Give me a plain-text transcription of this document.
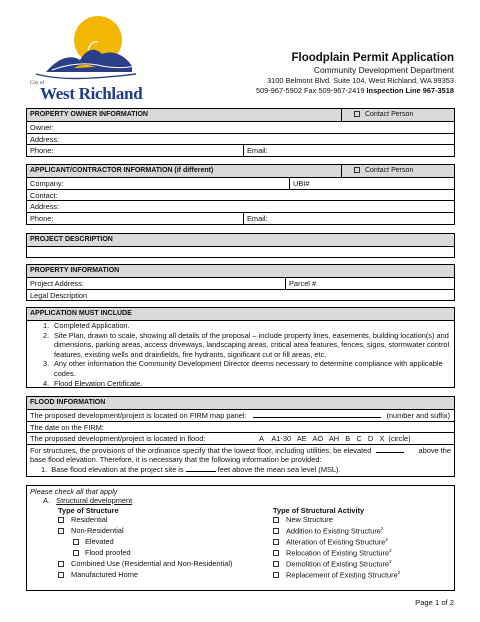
City of
West Richland
Floodplain Permit Application
Community Development Department
3100 Belmont Blvd. Suite 104, West Richland, WA 99353
509-967-5902 Fax 509-967-2419 Inspection Line 967-3518
PROPERTY OWNER INFORMATION	Contact Person
Owner:
Address:
Phone:	Email:
APPLICANT/CONTRACTOR INFORMATION (if different)	Contact Person
Company:	UBI#
Contact:
Address:
Phone:	Email:
PROJECT DESCRIPTION
PROPERTY INFORMATION
Project Address:	Parcel #
Legal Description
APPLICATION MUST INCLUDE
1. Completed Application.
2. Site Plan, drawn to scale, showing all details of the proposal – include property lines, easements, building location(s) and dimensions, parking areas, access driveways, landscaping areas, critical area features, fences, signs, stormwater control features, existing wells and drainfields, fire hydrants, significant cut or fill areas, etc.
3. Any other information the Community Development Director deems necessary to determine compliance with applicable codes.
4. Flood Elevation Certificate.
FLOOD INFORMATION
The proposed development/project is located on FIRM map panel:	(number and suffix)
The date on the FIRM:
The proposed development/project is located in flood:	A    A1-30   AE   AO   AH   B   C   D   X  (circle)
For structures, the provisions of the ordinance specify that the lowest floor, including utilities, be elevated	above the
base flood elevation. Therefore, it is necessary that the following information be provided:
1. Base flood elevation at the project site is	feet above the mean sea level (MSL).
Please check all that apply
A. Structural development
Type of Structure
Residential
Non-Residential
Elevated
Flood proofed
Combined Use (Residential and Non-Residential)
Manufactured Home
Type of Structural Activity
New Structure
Addition to Existing Structure$^2$
Alteration of Existing Structure$^2$
Relocation of Existing Structure$^2$
Demolition of Existing Structure$^2$
Replacement of Existing Structure$^2$
Page 1 of 2
